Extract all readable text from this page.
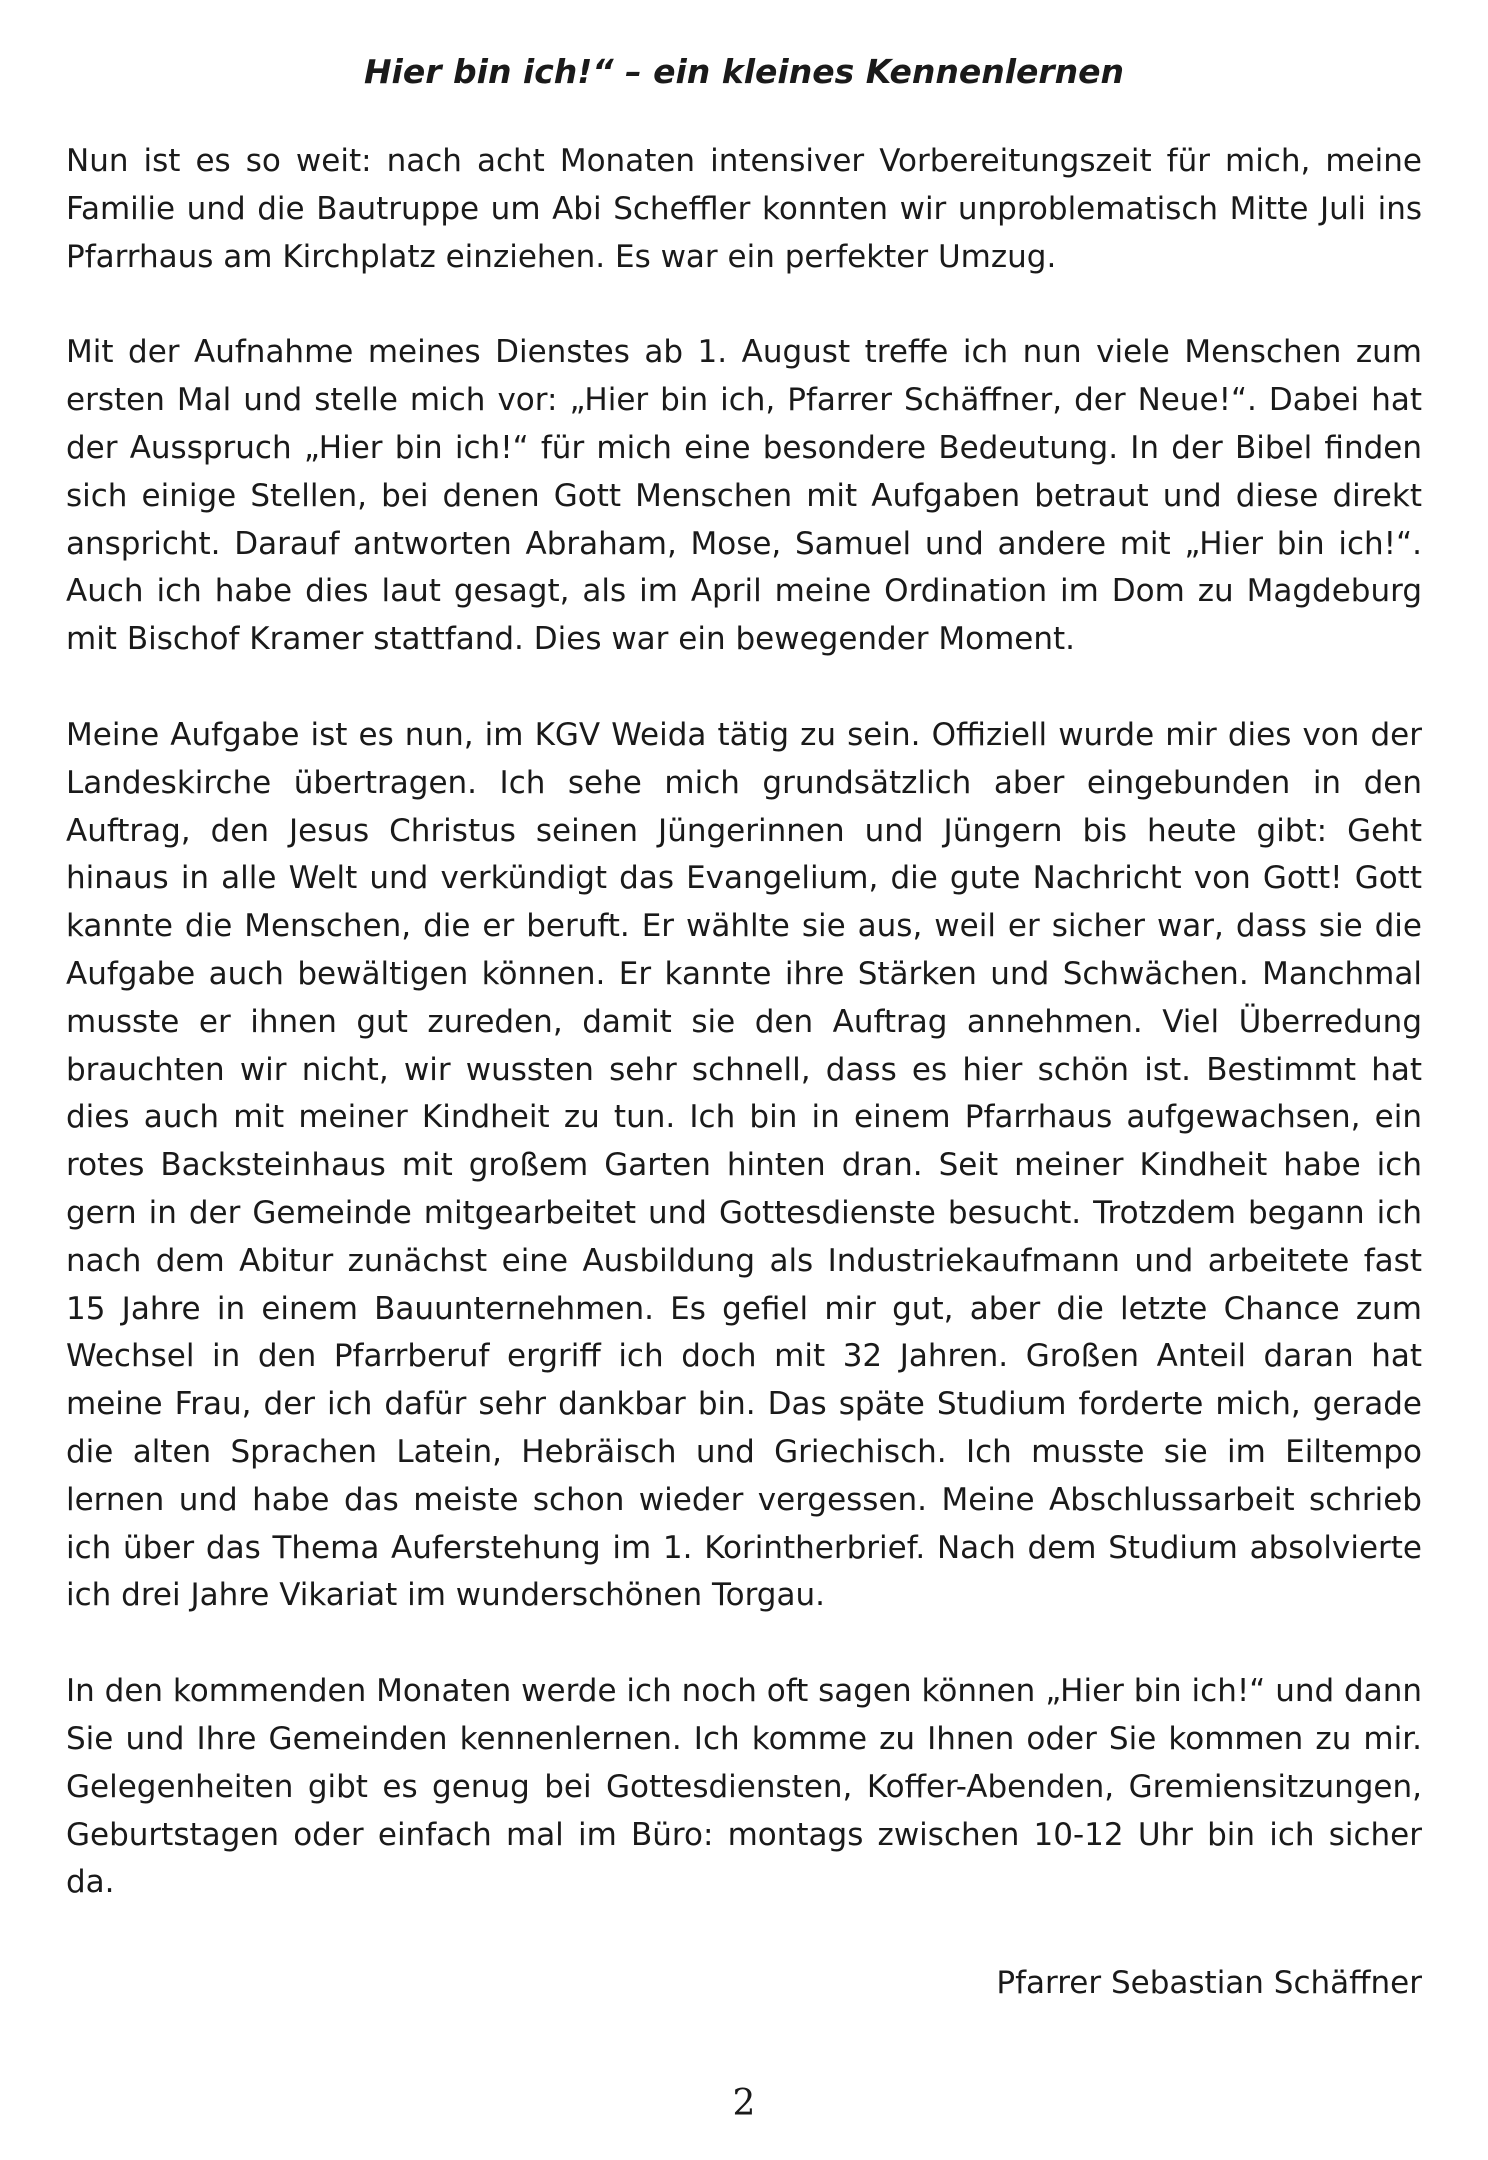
Hier bin ich!“ – ein kleines Kennenlernen

Nun ist es so weit: nach acht Monaten intensiver Vorbereitungszeit für mich, meine Familie und die Bautruppe um Abi Scheffler konnten wir unproblematisch Mitte Juli ins Pfarrhaus am Kirchplatz einziehen. Es war ein perfekter Umzug.

Mit der Aufnahme meines Dienstes ab 1. August treffe ich nun viele Menschen zum ersten Mal und stelle mich vor: „Hier bin ich, Pfarrer Schäffner, der Neue!“. Dabei hat der Ausspruch „Hier bin ich!“ für mich eine besondere Bedeutung. In der Bibel finden sich einige Stellen, bei denen Gott Menschen mit Aufgaben betraut und diese direkt anspricht. Darauf antworten Abraham, Mose, Samuel und andere mit „Hier bin ich!“. Auch ich habe dies laut gesagt, als im April meine Ordination im Dom zu Magdeburg mit Bischof Kramer stattfand. Dies war ein bewegender Moment.

Meine Aufgabe ist es nun, im KGV Weida tätig zu sein. Offiziell wurde mir dies von der Landeskirche übertragen. Ich sehe mich grundsätzlich aber eingebunden in den Auftrag, den Jesus Christus seinen Jüngerinnen und Jüngern bis heute gibt: Geht hinaus in alle Welt und verkündigt das Evangelium, die gute Nachricht von Gott! Gott kannte die Menschen, die er beruft. Er wählte sie aus, weil er sicher war, dass sie die Aufgabe auch bewältigen können. Er kannte ihre Stärken und Schwächen. Manchmal musste er ihnen gut zureden, damit sie den Auftrag annehmen. Viel Überredung brauchten wir nicht, wir wussten sehr schnell, dass es hier schön ist. Bestimmt hat dies auch mit meiner Kindheit zu tun. Ich bin in einem Pfarrhaus aufgewachsen, ein rotes Backsteinhaus mit großem Garten hinten dran. Seit meiner Kindheit habe ich gern in der Gemeinde mitgearbeitet und Gottesdienste besucht. Trotzdem begann ich nach dem Abitur zunächst eine Ausbildung als Industriekaufmann und arbeitete fast 15 Jahre in einem Bauunternehmen. Es gefiel mir gut, aber die letzte Chance zum Wechsel in den Pfarrberuf ergriff ich doch mit 32 Jahren. Großen Anteil daran hat meine Frau, der ich dafür sehr dankbar bin. Das späte Studium forderte mich, gerade die alten Sprachen Latein, Hebräisch und Griechisch. Ich musste sie im Eiltempo lernen und habe das meiste schon wieder vergessen. Meine Abschlussarbeit schrieb ich über das Thema Auferstehung im 1. Korintherbrief. Nach dem Studium absolvierte ich drei Jahre Vikariat im wunderschönen Torgau.

In den kommenden Monaten werde ich noch oft sagen können „Hier bin ich!“ und dann Sie und Ihre Gemeinden kennenlernen. Ich komme zu Ihnen oder Sie kommen zu mir. Gelegenheiten gibt es genug bei Gottesdiensten, Koffer-Abenden, Gremiensitzungen, Geburtstagen oder einfach mal im Büro: montags zwischen 10-12 Uhr bin ich sicher da.

Pfarrer Sebastian Schäffner
2
